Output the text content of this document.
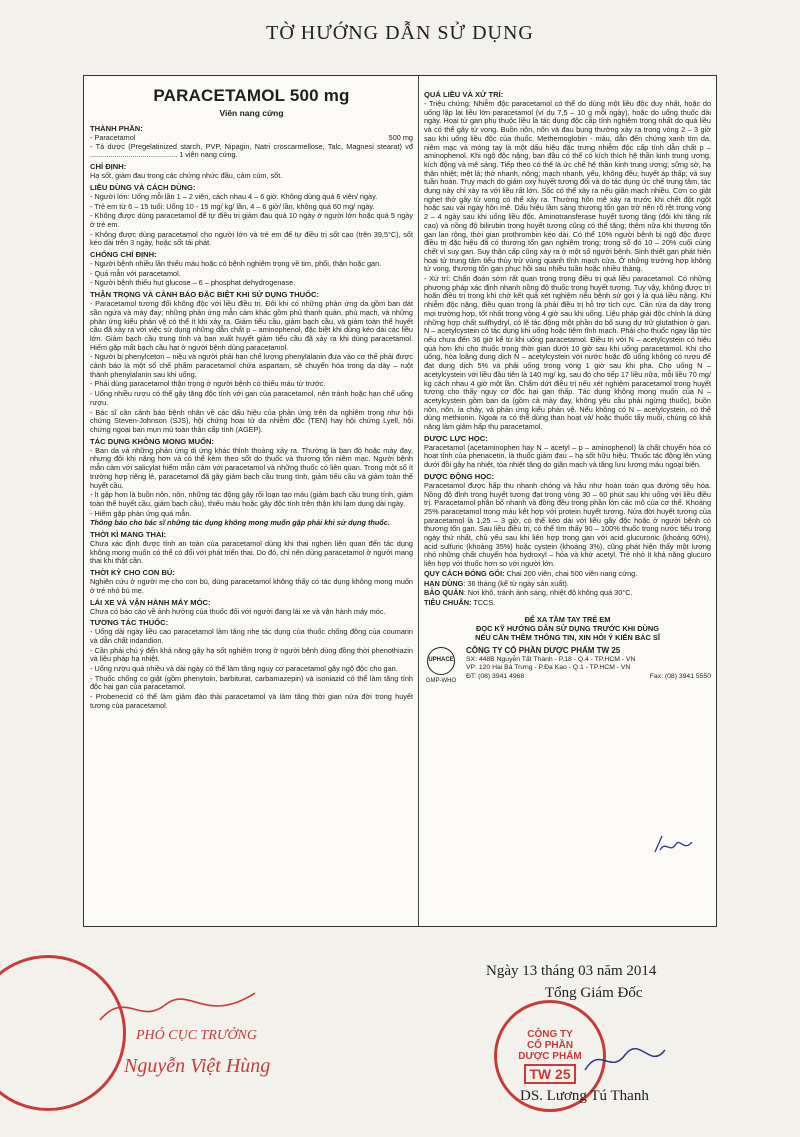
TỜ HƯỚNG DẪN SỬ DỤNG
PARACETAMOL 500 mg
Viên nang cứng
THÀNH PHẦN:
- Paracetamol	500 mg

- Tá dược (Pregelatinized starch, PVP, Nipagin, Natri croscarmellose, Talc, Magnesi stearat) vđ ........................................... 1 viên nang cứng.

CHỈ ĐỊNH:

Hạ sốt, giảm đau trong các chứng nhức đầu, cảm cúm, sốt.

LIỀU DÙNG VÀ CÁCH DÙNG:

- Người lớn: Uống mỗi lần 1 – 2 viên, cách nhau 4 – 6 giờ. Không dùng quá 6 viên/ ngày.

- Trẻ em từ 6 – 15 tuổi: Uống 10 - 15 mg/ kg/ lần, 4 – 6 giờ/ lần, không quá 60 mg/ ngày.

- Không được dùng paracetamol để tự điều trị giảm đau quá 10 ngày ở người lớn hoặc quá 5 ngày ở trẻ em.

- Không được dùng paracetamol cho người lớn và trẻ em để tự điều trị sốt cao (trên 39,5°C), sốt kéo dài trên 3 ngày, hoặc sốt tái phát.

CHỐNG CHỈ ĐỊNH:

- Người bệnh nhiều lần thiếu máu hoặc có bệnh nghiêm trọng về tim, phổi, thận hoặc gan.

- Quá mẫn với paracetamol.

- Người bệnh thiếu hụt glucose – 6 – phosphat dehydrogenase.

THẬN TRỌNG VÀ CẢNH BÁO ĐẶC BIỆT KHI SỬ DỤNG THUỐC:

- Paracetamol tương đối không độc với liều điều trị. Đôi khi có những phản ứng da gồm ban dát sần ngứa và mày đay; những phản ứng mẫn cảm khác gồm phù thanh quản, phù mạch, và những phản ứng kiểu phản vệ có thể ít khi xảy ra. Giảm tiểu cầu, giảm bạch cầu, và giảm toàn thể huyết cầu đã xảy ra với việc sử dụng những dẫn chất p – aminophenol, đặc biệt khi dùng kéo dài các liều lớn. Giảm bạch cầu trung tính và ban xuất huyết giảm tiểu cầu đã xảy ra khi dùng paracetamol. Hiếm gặp mất bạch cầu hạt ở người bệnh dùng paracetamol.

- Người bị phenylceton – niệu và người phải hạn chế lượng phenylalanin đưa vào cơ thể phải được cảnh báo là một số chế phẩm paracetamol chứa aspartam, sẽ chuyển hóa trong dạ dày – ruột thành phenylalanin sau khi uống.

- Phải dùng paracetamol thận trọng ở người bệnh có thiếu máu từ trước.

- Uống nhiều rượu có thể gây tăng độc tính với gan của paracetamol, nên tránh hoặc hạn chế uống rượu.

- Bác sĩ cần cảnh báo bệnh nhân về các dấu hiệu của phản ứng trên da nghiêm trọng như hội chứng Steven-Johnson (SJS), hội chứng hoại tử da nhiễm độc (TEN) hay hội chứng Lyell, hội chứng ngoại ban mụn mủ toàn thân cấp tính (AGEP).

TÁC DỤNG KHÔNG MONG MUỐN:

- Ban da và những phản ứng dị ứng khác thỉnh thoảng xảy ra. Thường là ban đỏ hoặc mày đay, nhưng đôi khi nặng hơn và có thể kèm theo sốt do thuốc và thương tổn niêm mạc. Người bệnh mẫn cảm với salicylat hiếm mẫn cảm với paracetamol và những thuốc có liên quan. Trong một số ít trường hợp riêng lẻ, paracetamol đã gây giảm bạch cầu trung tính, giảm tiểu cầu và giảm toàn thể huyết cầu.

- Ít gặp hơn là buồn nôn, nôn, những tác động gây rối loạn tạo máu (giảm bạch cầu trung tính, giảm toàn thể huyết cầu, giảm bạch cầu), thiếu máu hoặc gây độc tính trên thận khi lạm dụng dài ngày.

- Hiếm gặp phản ứng quá mẫn.

Thông báo cho bác sĩ những tác dụng không mong muốn gặp phải khi sử dụng thuốc.

THỜI KÌ MANG THAI:

Chưa xác định được tính an toàn của paracetamol dùng khi thai nghén liên quan đến tác dụng không mong muốn có thể có đối với phát triển thai. Do đó, chỉ nên dùng paracetamol ở người mang thai khi thật cần.

THỜI KỲ CHO CON BÚ:

Nghiên cứu ở người mẹ cho con bú, dùng paracetamol không thấy có tác dụng không mong muốn ở trẻ nhỏ bú mẹ.

LÁI XE VÀ VẬN HÀNH MÁY MÓC:

Chưa có báo cáo về ảnh hưởng của thuốc đối với người đang lái xe và vận hành máy móc.

TƯƠNG TÁC THUỐC:

- Uống dài ngày liều cao paracetamol làm tăng nhẹ tác dụng của thuốc chống đông của coumarin và dẫn chất indandion.

- Cần phải chú ý đến khả năng gây hạ sốt nghiêm trọng ở người bệnh dùng đồng thời phenothiazin và liệu pháp hạ nhiệt.

- Uống rượu quá nhiều và dài ngày có thể làm tăng nguy cơ paracetamol gây ngộ độc cho gan.

- Thuốc chống co giật (gồm phenytoin, barbiturat, carbamazepin) và isoniazid có thể làm tăng tính độc hại gan của paracetamol.

- Probenecid có thể làm giảm đào thải paracetamol và làm tăng thời gian nửa đời trong huyết tương của paracetamol.

QUÁ LIỀU VÀ XỬ TRÍ:

- Triệu chứng: Nhiễm độc paracetamol có thể do dùng một liều độc duy nhất, hoặc do uống lặp lại liều lớn paracetamol (ví dụ 7,5 – 10 g mỗi ngày), hoặc do uống thuốc dài ngày. Hoại tử gan phụ thuộc liều là tác dụng độc cấp tính nghiêm trọng nhất do quá liều và có thể gây tử vong. Buồn nôn, nôn và đau bụng thường xảy ra trong vòng 2 – 3 giờ sau khi uống liều độc của thuốc. Methemoglobin - máu, dẫn đến chứng xanh tím da, niêm mạc và móng tay là một dấu hiệu đặc trưng nhiễm độc cấp tính dẫn chất p – aminophenol. Khi ngộ độc nặng, ban đầu có thể có kích thích hệ thần kinh trung ương, kích động và mê sảng. Tiếp theo có thể là ức chế hệ thần kinh trung ương; sững sờ, hạ thân nhiệt; mệt lả; thở nhanh, nông; mạch nhanh, yếu, không đều; huyết áp thấp; và suy tuần hoàn. Trụy mạch do giảm oxy huyết tương đối và do tác dụng ức chế trung tâm, tác dụng này chỉ xảy ra với liều rất lớn. Sốc có thể xảy ra nếu giãn mạch nhiều. Cơn co giật nghẹt thở gây tử vong có thể xảy ra. Thường hôn mê xảy ra trước khi chết đột ngột hoặc sau vài ngày hôn mê. Dấu hiệu lâm sàng thương tổn gan trở nên rõ rệt trong vòng 2 – 4 ngày sau khi uống liều độc. Aminotransferase huyết tương tăng (đôi khi tăng rất cao) và nồng độ bilirubin trong huyết tương cũng có thể tăng; thêm nữa khi thương tổn gan lan rộng, thời gian prothrombin kéo dài. Có thể 10% người bệnh bị ngộ độc được điều trị đặc hiệu đã có thương tổn gan nghiêm trọng; trong số đó 10 – 20% cuối cùng chết vì suy gan. Suy thận cấp cũng xảy ra ở một số người bệnh. Sinh thiết gan phát hiện hoại tử trung tâm tiểu thùy trừ vùng quanh tĩnh mạch cửa. Ở những trường hợp không tử vong, thương tổn gan phục hồi sau nhiều tuần hoặc nhiều tháng.

- Xử trí: Chẩn đoán sớm rất quan trọng trong điều trị quá liều paracetamol. Có những phương pháp xác định nhanh nồng độ thuốc trong huyết tương. Tuy vậy, không được trì hoãn điều trị trong khi chờ kết quả xét nghiệm nếu bệnh sử gợi ý là quá liều nặng. Khi nhiễm độc nặng, điều quan trọng là phải điều trị hỗ trợ tích cực. Cần rửa dạ dày trong mọi trường hợp, tốt nhất trong vòng 4 giờ sau khi uống. Liệu pháp giải độc chính là dùng những hợp chất sulfhydryl, có lẽ tác động một phần do bổ sung dự trữ glutathion ở gan. N – acetylcystein có tác dụng khi uống hoặc tiêm tĩnh mạch. Phải cho thuốc ngay lập tức nếu chưa đến 36 giờ kể từ khi uống paracetamol. Điều trị với N – acetylcystein có hiệu quả hơn khi cho thuốc trong thời gian dưới 10 giờ sau khi uống paracetamol. Khi cho uống, hòa loãng dung dịch N – acetylcystein với nước hoặc đồ uống không có rượu để đạt dung dịch 5% và phải uống trong vòng 1 giờ sau khi pha. Cho uống N – acetylcystein với liều đầu tiên là 140 mg/ kg, sau đó cho tiếp 17 liều nữa, mỗi liều 70 mg/ kg cách nhau 4 giờ một lần. Chấm dứt điều trị nếu xét nghiệm paracetamol trong huyết tương cho thấy nguy cơ độc hại gan thấp. Tác dụng không mong muốn của N – acetylcystein gồm ban da (gồm cả mày đay, không yêu cầu phải ngừng thuốc), buồn nôn, nôn, ỉa chảy, và phản ứng kiểu phản vệ. Nếu không có N – acetylcystein, có thể dùng methionin. Ngoài ra có thể dùng than hoạt và/ hoặc thuốc tẩy muối, chúng có khả năng làm giảm hấp thụ paracetamol.

DƯỢC LỰC HỌC:

Paracetamol (acetaminophen hay N – acetyl – p – aminophenol) là chất chuyển hóa có hoạt tính của phenacetin, là thuốc giảm đau – hạ sốt hữu hiệu. Thuốc tác động lên vùng dưới đồi gây hạ nhiệt, tỏa nhiệt tăng do giãn mạch và tăng lưu lượng máu ngoại biên.

DƯỢC ĐỘNG HỌC:

Paracetamol được hấp thu nhanh chóng và hầu như hoàn toàn qua đường tiêu hóa. Nồng độ đỉnh trong huyết tương đạt trong vòng 30 – 60 phút sau khi uống với liều điều trị. Paracetamol phân bố nhanh và đồng đều trong phần lớn các mô của cơ thể. Khoảng 25% paracetamol trong máu kết hợp với protein huyết tương. Nửa đời huyết tương của paracetamol là 1,25 – 3 giờ, có thể kéo dài với liều gây độc hoặc ở người bệnh có thương tổn gan. Sau liều điều trị, có thể tìm thấy 90 – 100% thuốc trong nước tiểu trong ngày thứ nhất, chủ yếu sau khi liên hợp trong gan với acid glucuronic (khoảng 60%), acid sulfuric (khoảng 35%) hoặc cystein (khoảng 3%), cũng phát hiện thấy một lượng nhỏ những chất chuyển hóa hydroxyl – hóa và khử acetyl. Trẻ nhỏ ít khả năng glucuro liên hợp với thuốc hơn so với người lớn.

QUY CÁCH ĐÓNG GÓI: Chai 200 viên, chai 500 viên nang cứng.

HẠN DÙNG: 36 tháng (kể từ ngày sản xuất).

BẢO QUẢN: Nơi khô, tránh ánh sáng, nhiệt độ không quá 30°C.

TIÊU CHUẨN: TCCS.

ĐỂ XA TẦM TAY TRẺ EM
ĐỌC KỸ HƯỚNG DẪN SỬ DỤNG TRƯỚC KHI DÙNG
NẾU CẦN THÊM THÔNG TIN, XIN HỎI Ý KIẾN BÁC SĨ
UPHACE
GMP-WHO
CÔNG TY CỔ PHẦN DƯỢC PHẨM TW 25
SX: 448B Nguyễn Tất Thành - P.18 - Q.4 - TP.HCM - VN
VP: 120 Hai Bà Trưng - P.Đa Kao - Q.1 - TP.HCM - VN
ĐT: (08) 3941 4968	Fax: (08) 3941 5550
Ngày 13 tháng 03 năm 2014
Tổng Giám Đốc
CÔNG TY
CỔ PHẦN
DƯỢC PHẨM
TW 25
DS. Lương Tú Thanh
PHÓ CỤC TRƯỞNG
Nguyễn Việt Hùng
